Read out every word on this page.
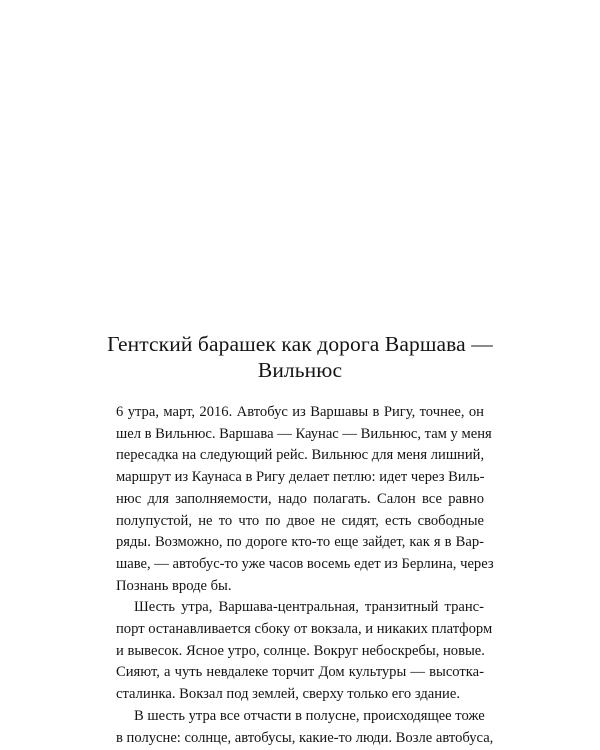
Гентский барашек как дорога Варшава —
Вильнюс
6 утра, март, 2016. Автобус из Варшавы в Ригу, точнее, он
шел в Вильнюс. Варшава — Каунас — Вильнюс, там у меня
пересадка на следующий рейс. Вильнюс для меня лишний,
маршрут из Каунаса в Ригу делает петлю: идет через Виль-
нюс для заполняемости, надо полагать. Салон все равно
полупустой, не то что по двое не сидят, есть свободные
ряды. Возможно, по дороге кто-то еще зайдет, как я в Вар-
шаве, — автобус-то уже часов восемь едет из Берлина, через
Познань вроде бы.
Шесть утра, Варшава-центральная, транзитный транс-
порт останавливается сбоку от вокзала, и никаких платформ
и вывесок. Ясное утро, солнце. Вокруг небоскребы, новые.
Сияют, а чуть невдалеке торчит Дом культуры — высотка-
сталинка. Вокзал под землей, сверху только его здание.
В шесть утра все отчасти в полусне, происходящее тоже
в полусне: солнце, автобусы, какие-то люди. Возле автобуса,
